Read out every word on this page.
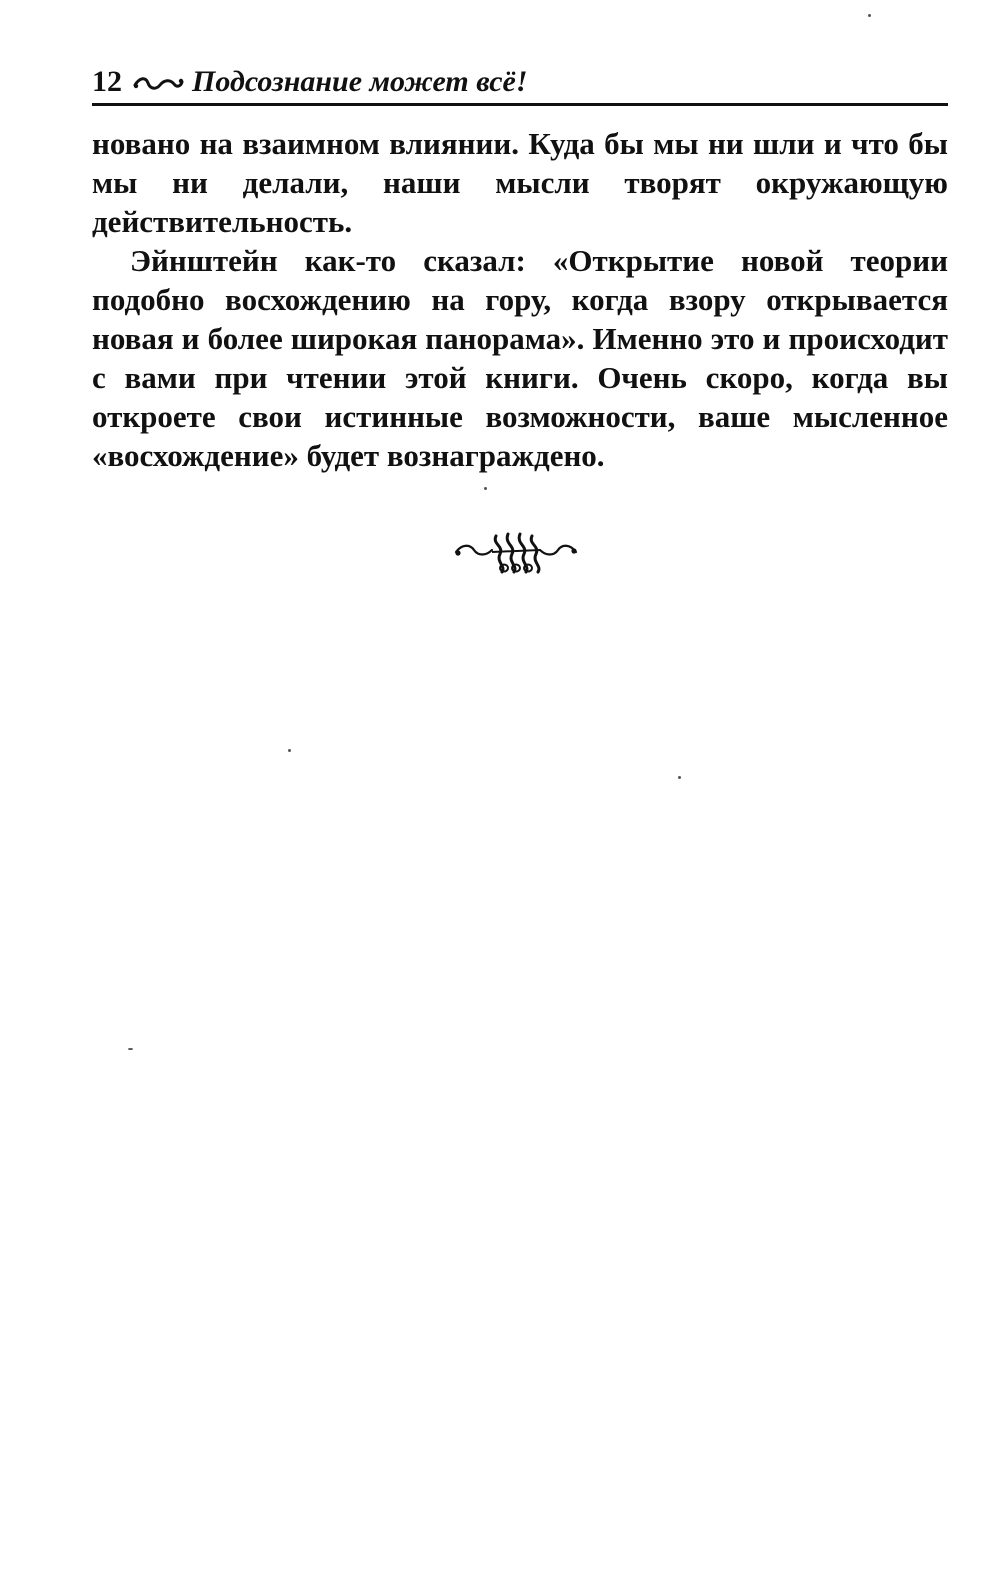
12 Подсознание может всё!

новано на взаимном влиянии. Куда бы мы ни шли и что бы мы ни делали, наши мысли творят окружающую действительность.

Эйнштейн как-то сказал: «Открытие новой теории подобно восхождению на гору, когда взору открывается новая и более широкая панорама». Именно это и происходит с вами при чтении этой книги. Очень скоро, когда вы откроете свои истинные возможности, ваше мысленное «восхождение» будет вознаграждено.
